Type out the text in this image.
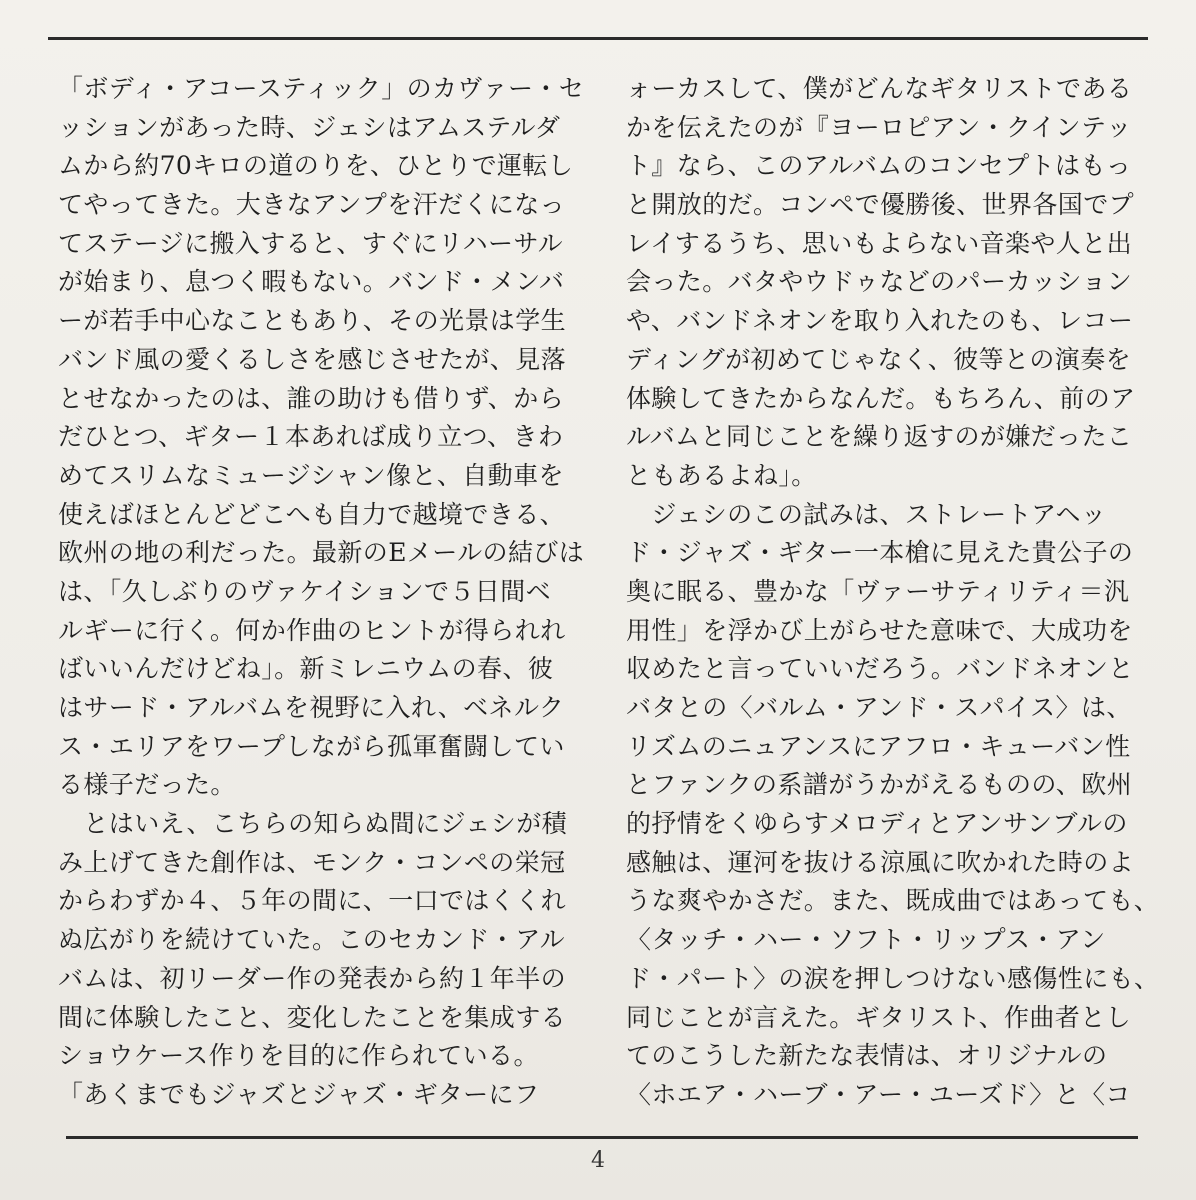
「ボディ・アコースティック」のカヴァー・セ
ッションがあった時、ジェシはアムステルダ
ムから約70キロの道のりを、ひとりで運転し
てやってきた。大きなアンプを汗だくになっ
てステージに搬入すると、すぐにリハーサル
が始まり、息つく暇もない。バンド・メンバ
ーが若手中心なこともあり、その光景は学生
バンド風の愛くるしさを感じさせたが、見落
とせなかったのは、誰の助けも借りず、から
だひとつ、ギター１本あれば成り立つ、きわ
めてスリムなミュージシャン像と、自動車を
使えばほとんどどこへも自力で越境できる、
欧州の地の利だった。最新のEメールの結びは
は、「久しぶりのヴァケイションで５日間ベ
ルギーに行く。何か作曲のヒントが得られれ
ばいいんだけどね」。新ミレニウムの春、彼
はサード・アルバムを視野に入れ、ベネルク
ス・エリアをワープしながら孤軍奮闘してい
る様子だった。
　とはいえ、こちらの知らぬ間にジェシが積
み上げてきた創作は、モンク・コンペの栄冠
からわずか４、５年の間に、一口ではくくれ
ぬ広がりを続けていた。このセカンド・アル
バムは、初リーダー作の発表から約１年半の
間に体験したこと、変化したことを集成する
ショウケース作りを目的に作られている。
「あくまでもジャズとジャズ・ギターにフ
ォーカスして、僕がどんなギタリストである
かを伝えたのが『ヨーロピアン・クインテッ
ト』なら、このアルバムのコンセプトはもっ
と開放的だ。コンペで優勝後、世界各国でプ
レイするうち、思いもよらない音楽や人と出
会った。バタやウドゥなどのパーカッション
や、バンドネオンを取り入れたのも、レコー
ディングが初めてじゃなく、彼等との演奏を
体験してきたからなんだ。もちろん、前のア
ルバムと同じことを繰り返すのが嫌だったこ
ともあるよね」。
　ジェシのこの試みは、ストレートアヘッ
ド・ジャズ・ギター一本槍に見えた貴公子の
奥に眠る、豊かな「ヴァーサティリティ＝汎
用性」を浮かび上がらせた意味で、大成功を
収めたと言っていいだろう。バンドネオンと
バタとの〈バルム・アンド・スパイス〉は、
リズムのニュアンスにアフロ・キューバン性
とファンクの系譜がうかがえるものの、欧州
的抒情をくゆらすメロディとアンサンブルの
感触は、運河を抜ける涼風に吹かれた時のよ
うな爽やかさだ。また、既成曲ではあっても、
〈タッチ・ハー・ソフト・リップス・アン
ド・パート〉の涙を押しつけない感傷性にも、
同じことが言えた。ギタリスト、作曲者とし
てのこうした新たな表情は、オリジナルの
〈ホエア・ハーブ・アー・ユーズド〉と〈コ
4
